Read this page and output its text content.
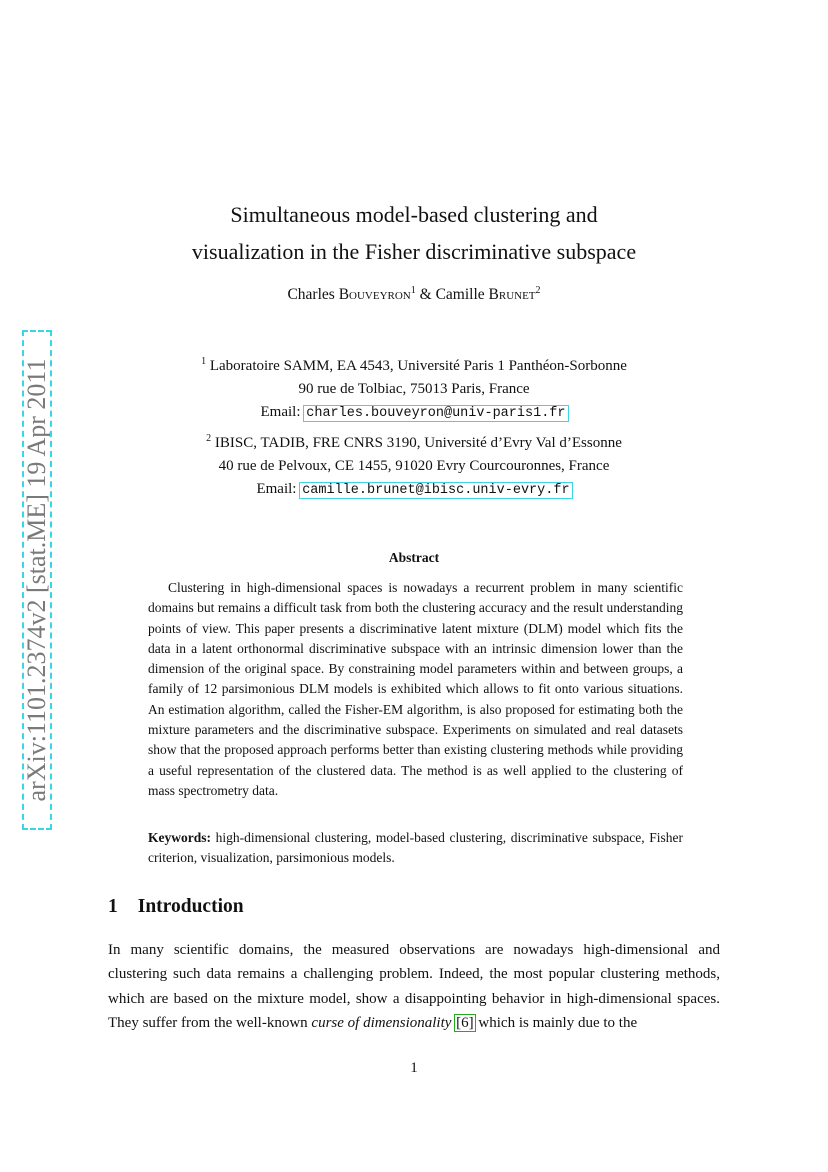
arXiv:1101.2374v2 [stat.ME] 19 Apr 2011
Simultaneous model-based clustering and
visualization in the Fisher discriminative subspace
Charles Bouveyron$^1$ & Camille Brunet$^2$
$^1$ Laboratoire SAMM, EA 4543, Université Paris 1 Panthéon-Sorbonne
90 rue de Tolbiac, 75013 Paris, France
Email: charles.bouveyron@univ-paris1.fr
$^2$ IBISC, TADIB, FRE CNRS 3190, Université d’Evry Val d’Essonne
40 rue de Pelvoux, CE 1455, 91020 Evry Courcouronnes, France
Email: camille.brunet@ibisc.univ-evry.fr
Abstract
Clustering in high-dimensional spaces is nowadays a recurrent problem in many scientific domains but remains a difficult task from both the clustering accuracy and the result understanding points of view. This paper presents a discriminative latent mixture (DLM) model which fits the data in a latent orthonormal discriminative subspace with an intrinsic dimension lower than the dimension of the original space. By constraining model parameters within and between groups, a family of 12 parsimonious DLM models is exhibited which allows to fit onto various situations. An estimation algorithm, called the Fisher-EM algorithm, is also proposed for estimating both the mixture parameters and the discriminative subspace. Experiments on simulated and real datasets show that the proposed approach performs better than existing clustering methods while providing a useful representation of the clustered data. The method is as well applied to the clustering of mass spectrometry data.
Keywords: high-dimensional clustering, model-based clustering, discriminative subspace, Fisher criterion, visualization, parsimonious models.
1 Introduction
In many scientific domains, the measured observations are nowadays high-dimensional and clustering such data remains a challenging problem. Indeed, the most popular clustering methods, which are based on the mixture model, show a disappointing behavior in high-dimensional spaces. They suffer from the well-known curse of dimensionality [6] which is mainly due to the
1
